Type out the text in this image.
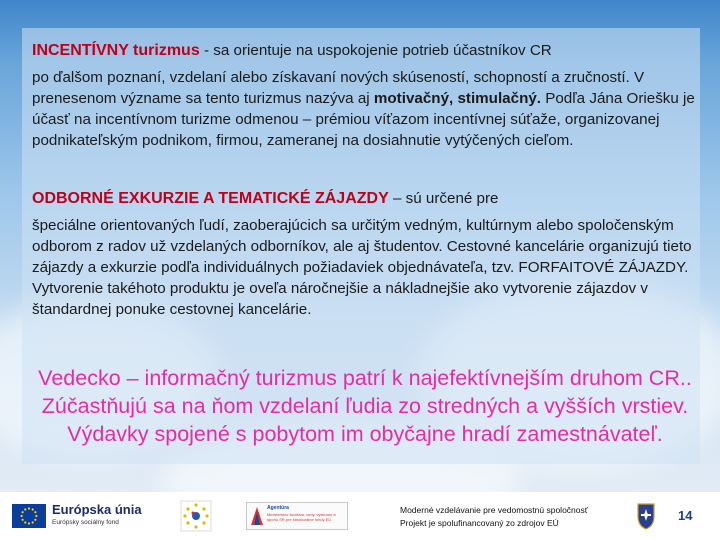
INCENTÍVNY turizmus - sa orientuje na uspokojenie potrieb účastníkov CR
po ďalšom poznaní, vzdelaní alebo získavaní nových skúseností, schopností a zručností. V prenesenom význame sa tento turizmus nazýva aj motivačný, stimulačný. Podľa Jána Oriešku je účasť na incentívnom turizme odmenou – prémiou víťazom incentívnej súťaže, organizovanej podnikateľským podnikom, firmou, zameranej na dosiahnutie vytýčených cieľom.
ODBORNÉ EXKURZIE A TEMATICKÉ ZÁJAZDY – sú určené pre
špeciálne orientovaných ľudí, zaoberajúcich sa určitým vedným, kultúrnym alebo spoločenským odborom z radov už vzdelaných odborníkov, ale aj študentov. Cestovné kancelárie organizujú tieto zájazdy a exkurzie podľa individuálnych požiadaviek objednávateľa, tzv. FORFAITOVÉ ZÁJAZDY. Vytvorenie takéhoto produktu je oveľa náročnejšie a nákladnejšie ako vytvorenie zájazdov v štandardnej ponuke cestovnej kancelárie.
Vedecko – informačný turizmus patrí k najefektívnejším druhom CR.. Zúčastňujú sa na ňom vzdelaní ľudia zo stredných a vyšších vrstiev. Výdavky spojené s pobytom im obyčajne hradí zamestnávateľ.
Európska únia
Európsky sociálny fond
Agentúra
Ministerstvo školstva, vedy, výskumu a športu SR pre štrukturálne fondy EÚ
Moderné vzdelávanie pre vedomostnú spoločnosť
Projekt je spolufinancovaný zo zdrojov EÚ	14
